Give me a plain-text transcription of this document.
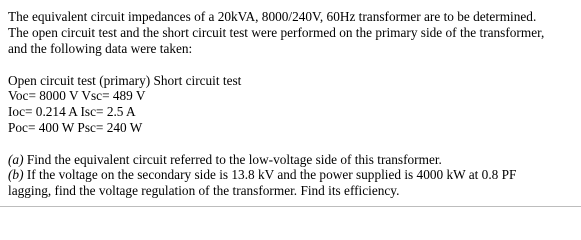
The equivalent circuit impedances of a 20kVA, 8000/240V, 60Hz transformer are to be determined.
The open circuit test and the short circuit test were performed on the primary side of the transformer,
and the following data were taken:
Open circuit test (primary) Short circuit test
Voc= 8000 V Vsc= 489 V
Ioc= 0.214 A Isc= 2.5 A
Poc= 400 W Psc= 240 W
(a) Find the equivalent circuit referred to the low-voltage side of this transformer.
(b) If the voltage on the secondary side is 13.8 kV and the power supplied is 4000 kW at 0.8 PF
lagging, find the voltage regulation of the transformer. Find its efficiency.
